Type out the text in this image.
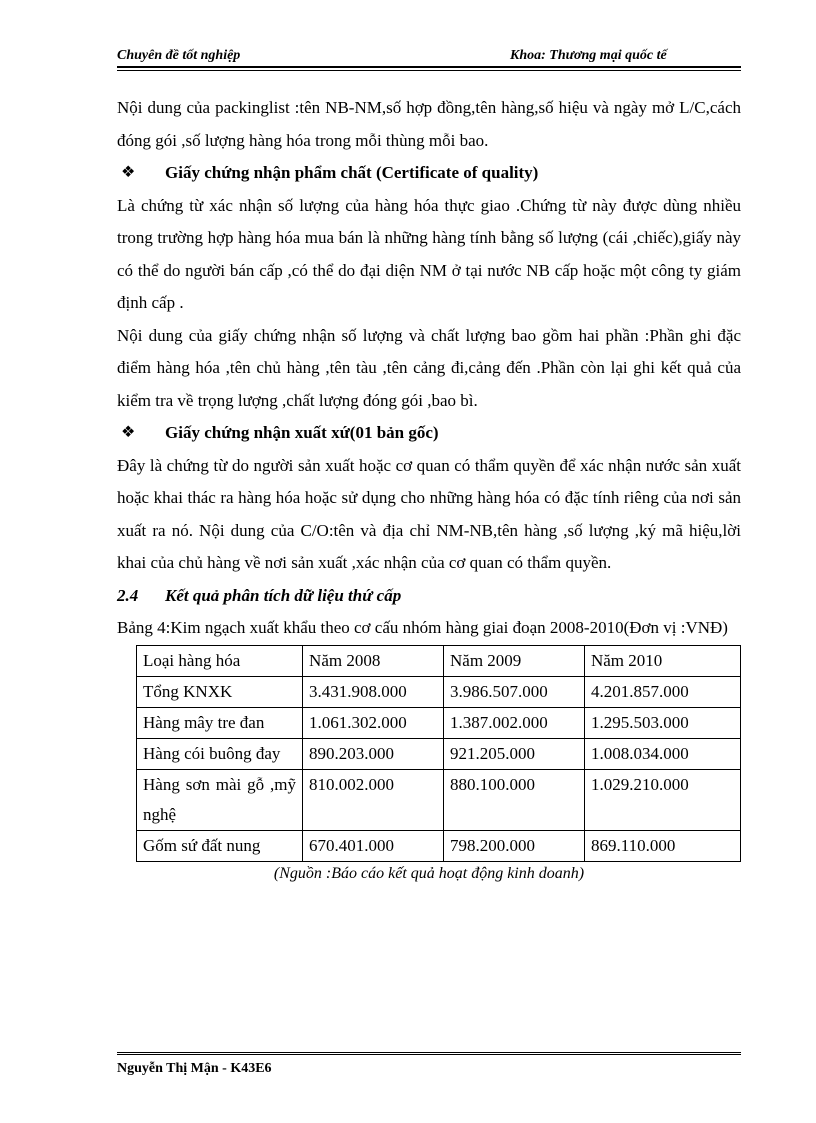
Chuyên đề tốt nghiệp	Khoa: Thương mại quốc tế

Nội dung của packinglist :tên NB-NM,số hợp đồng,tên hàng,số hiệu và ngày mở L/C,cách đóng gói ,số lượng hàng hóa trong mỗi thùng mỗi bao.

❖ Giấy chứng nhận phẩm chất (Certificate of quality)

Là chứng từ xác nhận số lượng của hàng hóa thực giao .Chứng từ này được dùng nhiều trong trường hợp hàng hóa mua bán là những hàng tính bằng số lượng (cái ,chiếc),giấy này có thể do người bán cấp ,có thể do đại diện NM ở tại nước NB cấp hoặc một công ty giám định cấp .

Nội dung của giấy chứng nhận số lượng và chất lượng bao gồm hai phần :Phần ghi đặc điểm hàng hóa ,tên chủ hàng ,tên tàu ,tên cảng đi,cảng đến .Phần còn lại ghi kết quả của kiểm tra về trọng lượng ,chất lượng đóng gói ,bao bì.

❖ Giấy chứng nhận xuất xứ(01 bản gốc)

Đây là chứng từ do người sản xuất hoặc cơ quan có thẩm quyền để xác nhận nước sản xuất hoặc khai thác ra hàng hóa hoặc sử dụng cho những hàng hóa có đặc tính riêng của nơi sản xuất ra nó. Nội dung của C/O:tên và địa chỉ NM-NB,tên hàng ,số lượng ,ký mã hiệu,lời khai của chủ hàng về nơi sản xuất ,xác nhận của cơ quan có thẩm quyền.

2.4 Kết quả phân tích dữ liệu thứ cấp

Bảng 4:Kim ngạch xuất khẩu theo cơ cấu nhóm hàng giai đoạn 2008-2010(Đơn vị :VNĐ)

Loại hàng hóa	Năm 2008	Năm 2009	Năm 2010
Tổng KNXK	3.431.908.000	3.986.507.000	4.201.857.000
Hàng mây tre đan	1.061.302.000	1.387.002.000	1.295.503.000
Hàng cói buông đay	890.203.000	921.205.000	1.008.034.000
Hàng sơn mài gỗ ,mỹ nghệ	810.002.000	880.100.000	1.029.210.000
Gốm sứ đất nung	670.401.000	798.200.000	869.110.000
(Nguồn :Báo cáo kết quả hoạt động kinh doanh)
Nguyễn Thị Mận - K43E6
